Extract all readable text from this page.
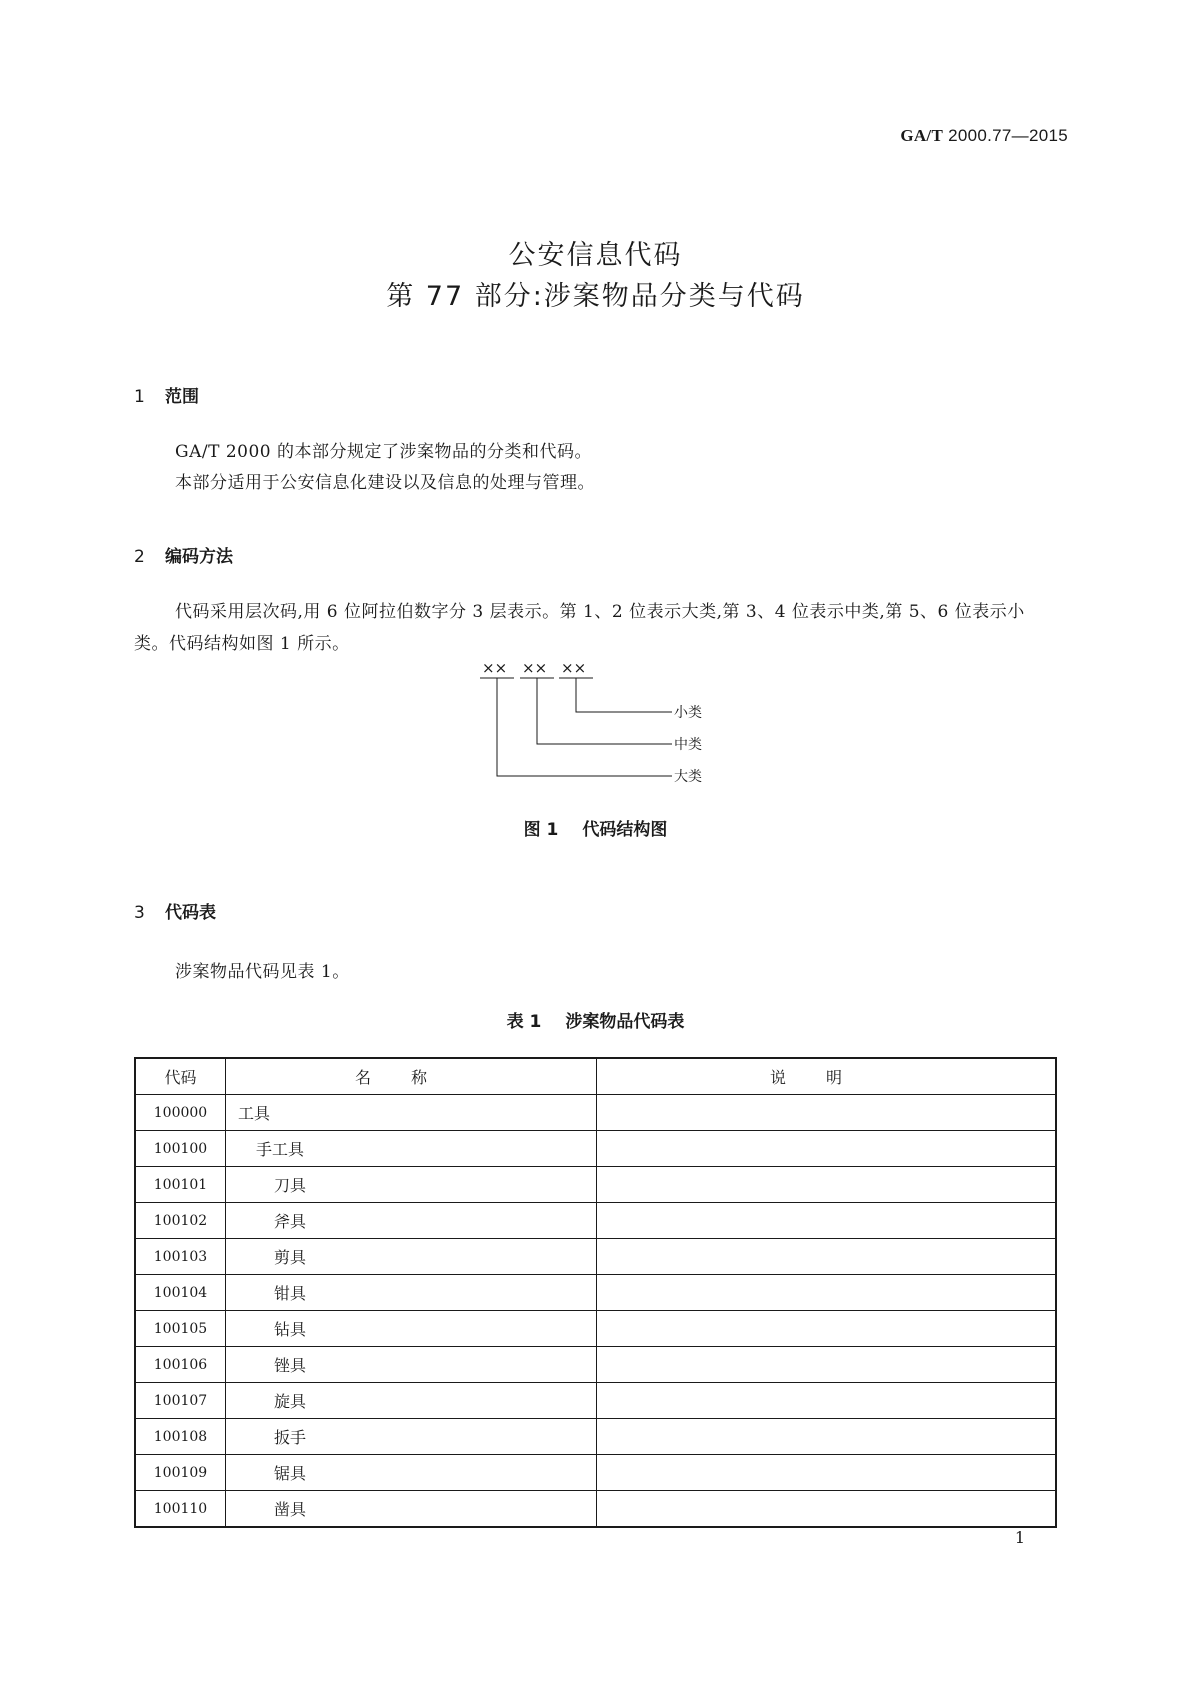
GA/T 2000.77—2015
公安信息代码
第 77 部分:涉案物品分类与代码
1 范围
GA/T 2000 的本部分规定了涉案物品的分类和代码。
本部分适用于公安信息化建设以及信息的处理与管理。
2 编码方法
代码采用层次码,用 6 位阿拉伯数字分 3 层表示。第 1、2 位表示大类,第 3、4 位表示中类,第 5、6 位表示小类。代码结构如图 1 所示。
×× ×× ××
小类
中类
大类
图 1 代码结构图
3 代码表
涉案物品代码见表 1。
表 1 涉案物品代码表
代码	名称	说明
100000	工具	
100100	手工具	
100101	刀具	
100102	斧具	
100103	剪具	
100104	钳具	
100105	钻具	
100106	锉具	
100107	旋具	
100108	扳手	
100109	锯具	
100110	凿具	
1
